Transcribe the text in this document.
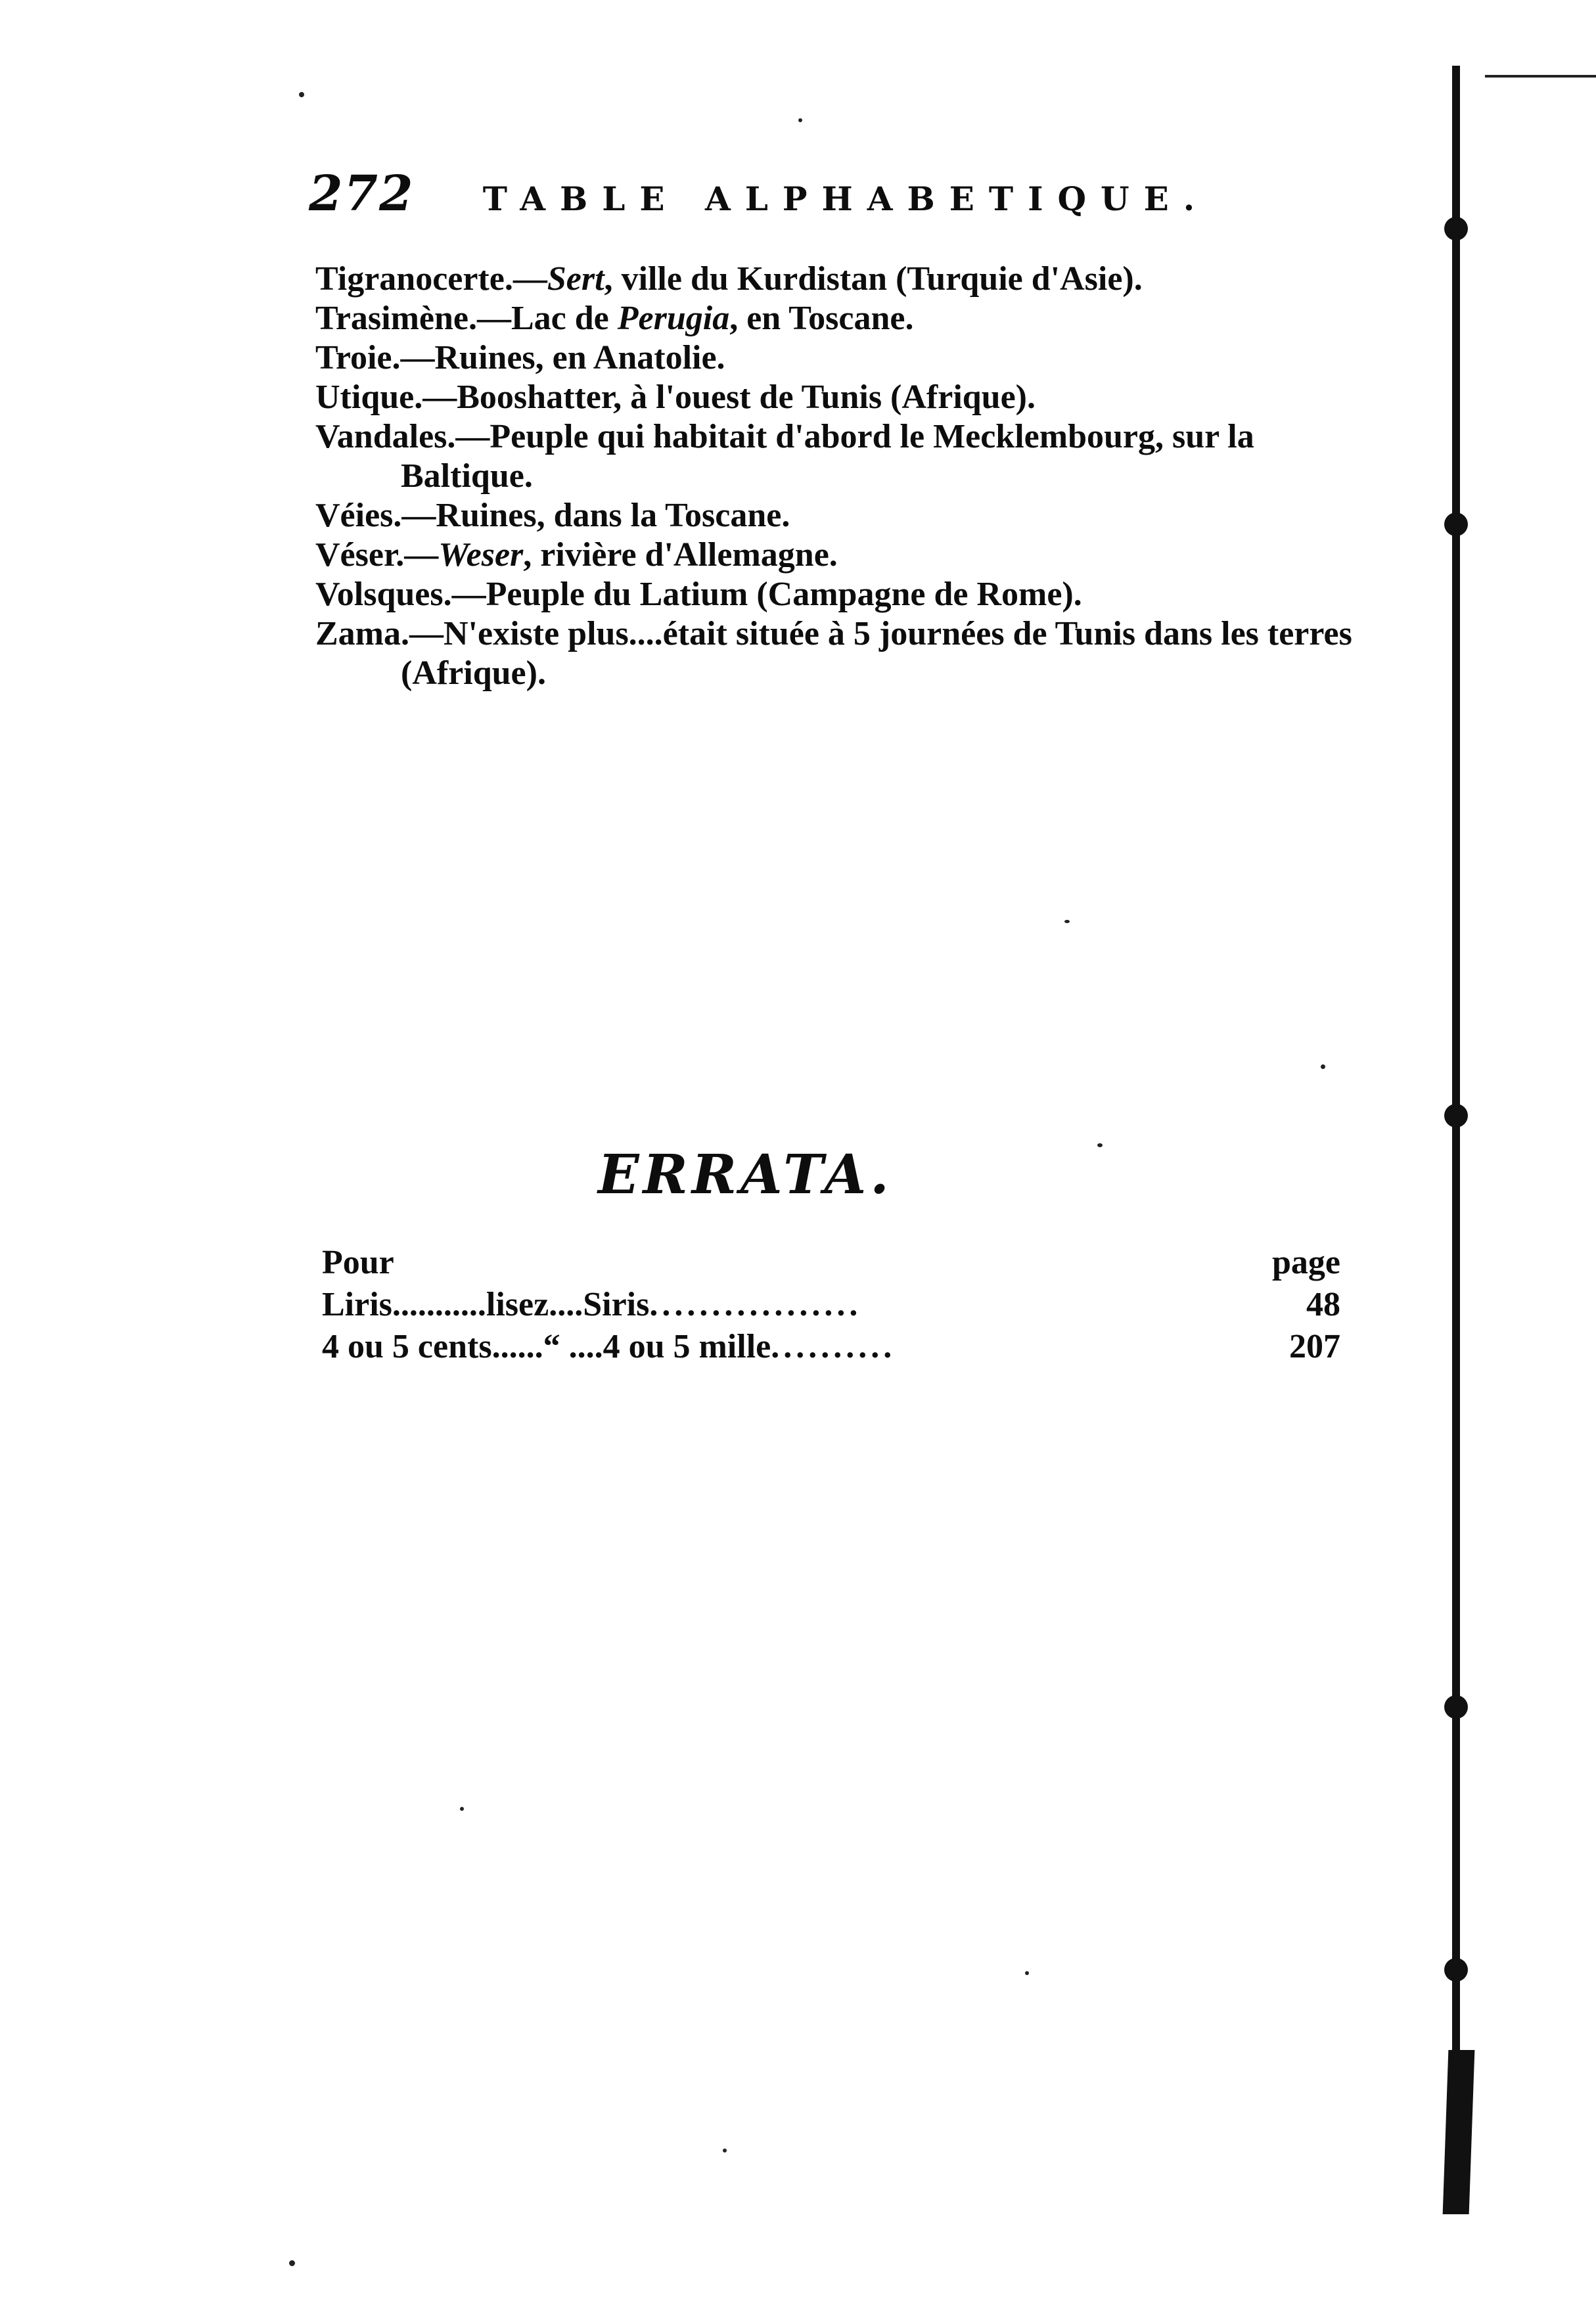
272 TABLE ALPHABETIQUE.
Tigranocerte.—Sert, ville du Kurdistan (Turquie d'Asie).
Trasimène.—Lac de Perugia, en Toscane.
Troie.—Ruines, en Anatolie.
Utique.—Booshatter, à l'ouest de Tunis (Afrique).
Vandales.—Peuple qui habitait d'abord le Mecklembourg, sur la Baltique.
Véies.—Ruines, dans la Toscane.
Véser.—Weser, rivière d'Allemagne.
Volsques.—Peuple du Latium (Campagne de Rome).
Zama.—N'existe plus....était située à 5 journées de Tunis dans les terres (Afrique).
ERRATA.
Pour	page
Liris ........... lisez....Siris .................	48
4 ou 5 cents ...... “ ....4 ou 5 mille ..........	207
